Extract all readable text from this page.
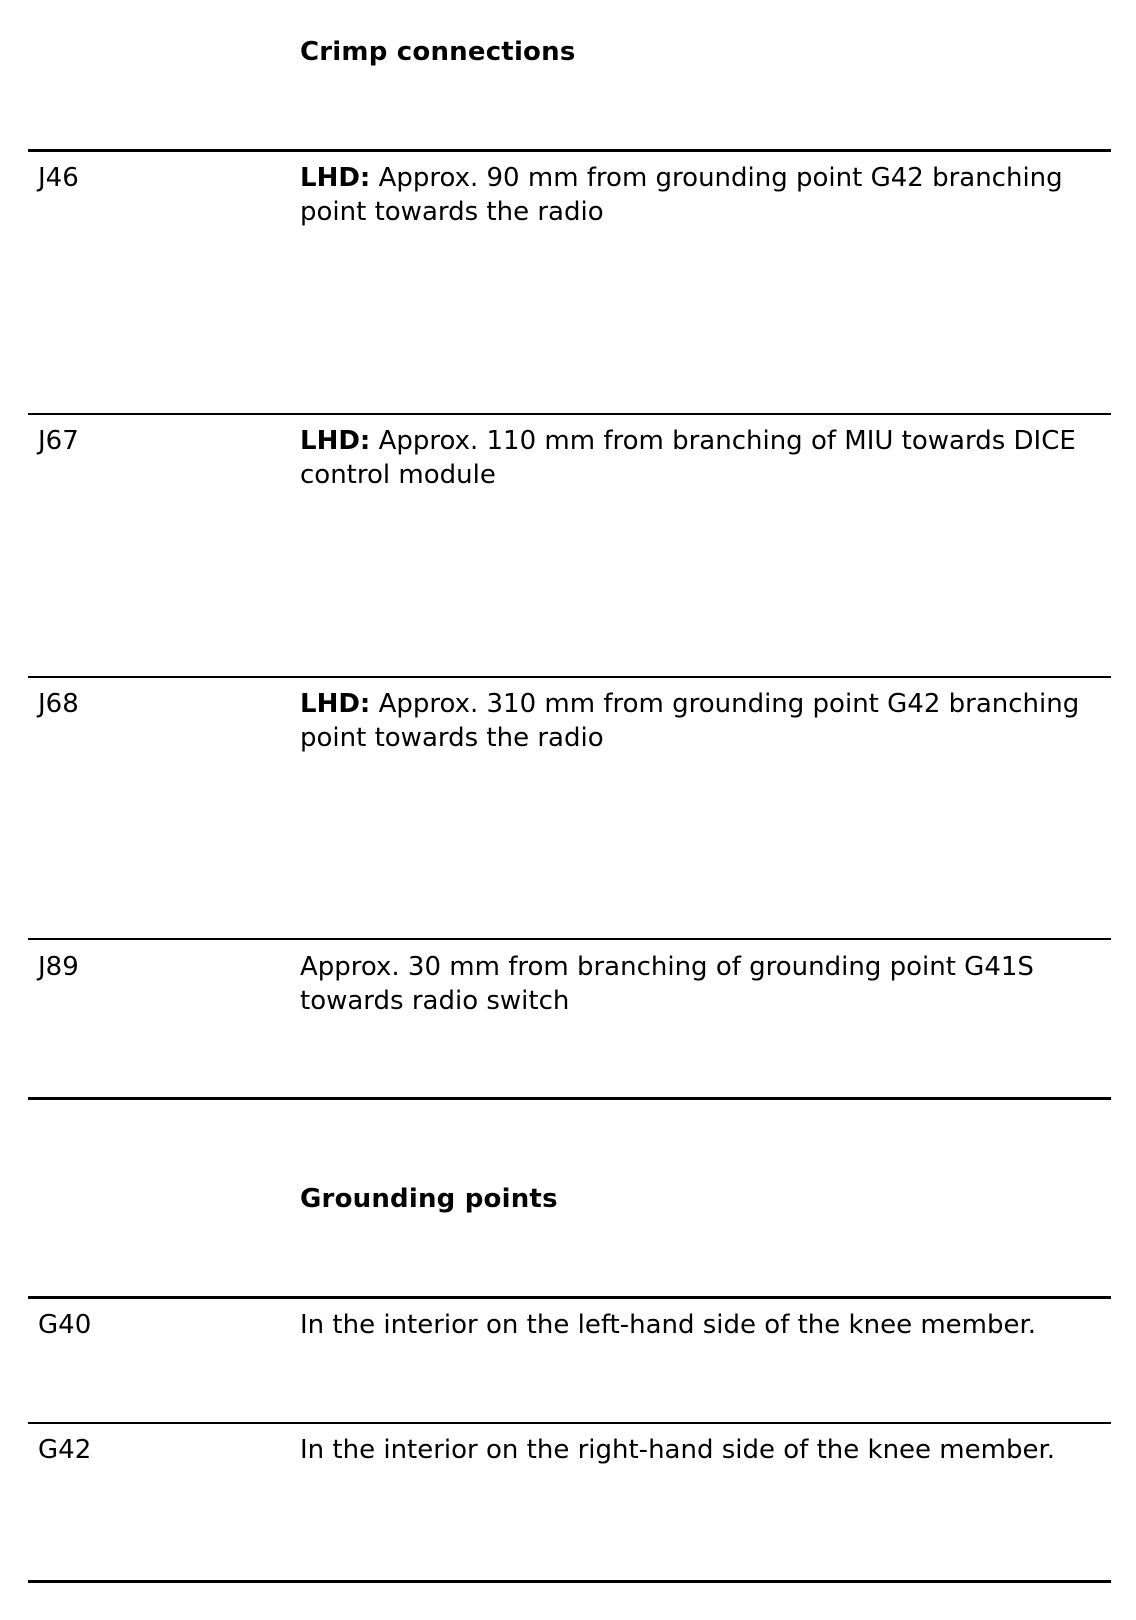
Crimp connections
J46	LHD: Approx. 90 mm from grounding point G42 branching point towards the radio
J67	LHD: Approx. 110 mm from branching of MIU towards DICE control module
J68	LHD: Approx. 310 mm from grounding point G42 branching point towards the radio
J89	Approx. 30 mm from branching of grounding point G41S towards radio switch
Grounding points
G40	In the interior on the left-hand side of the knee member.
G42	In the interior on the right-hand side of the knee member.
